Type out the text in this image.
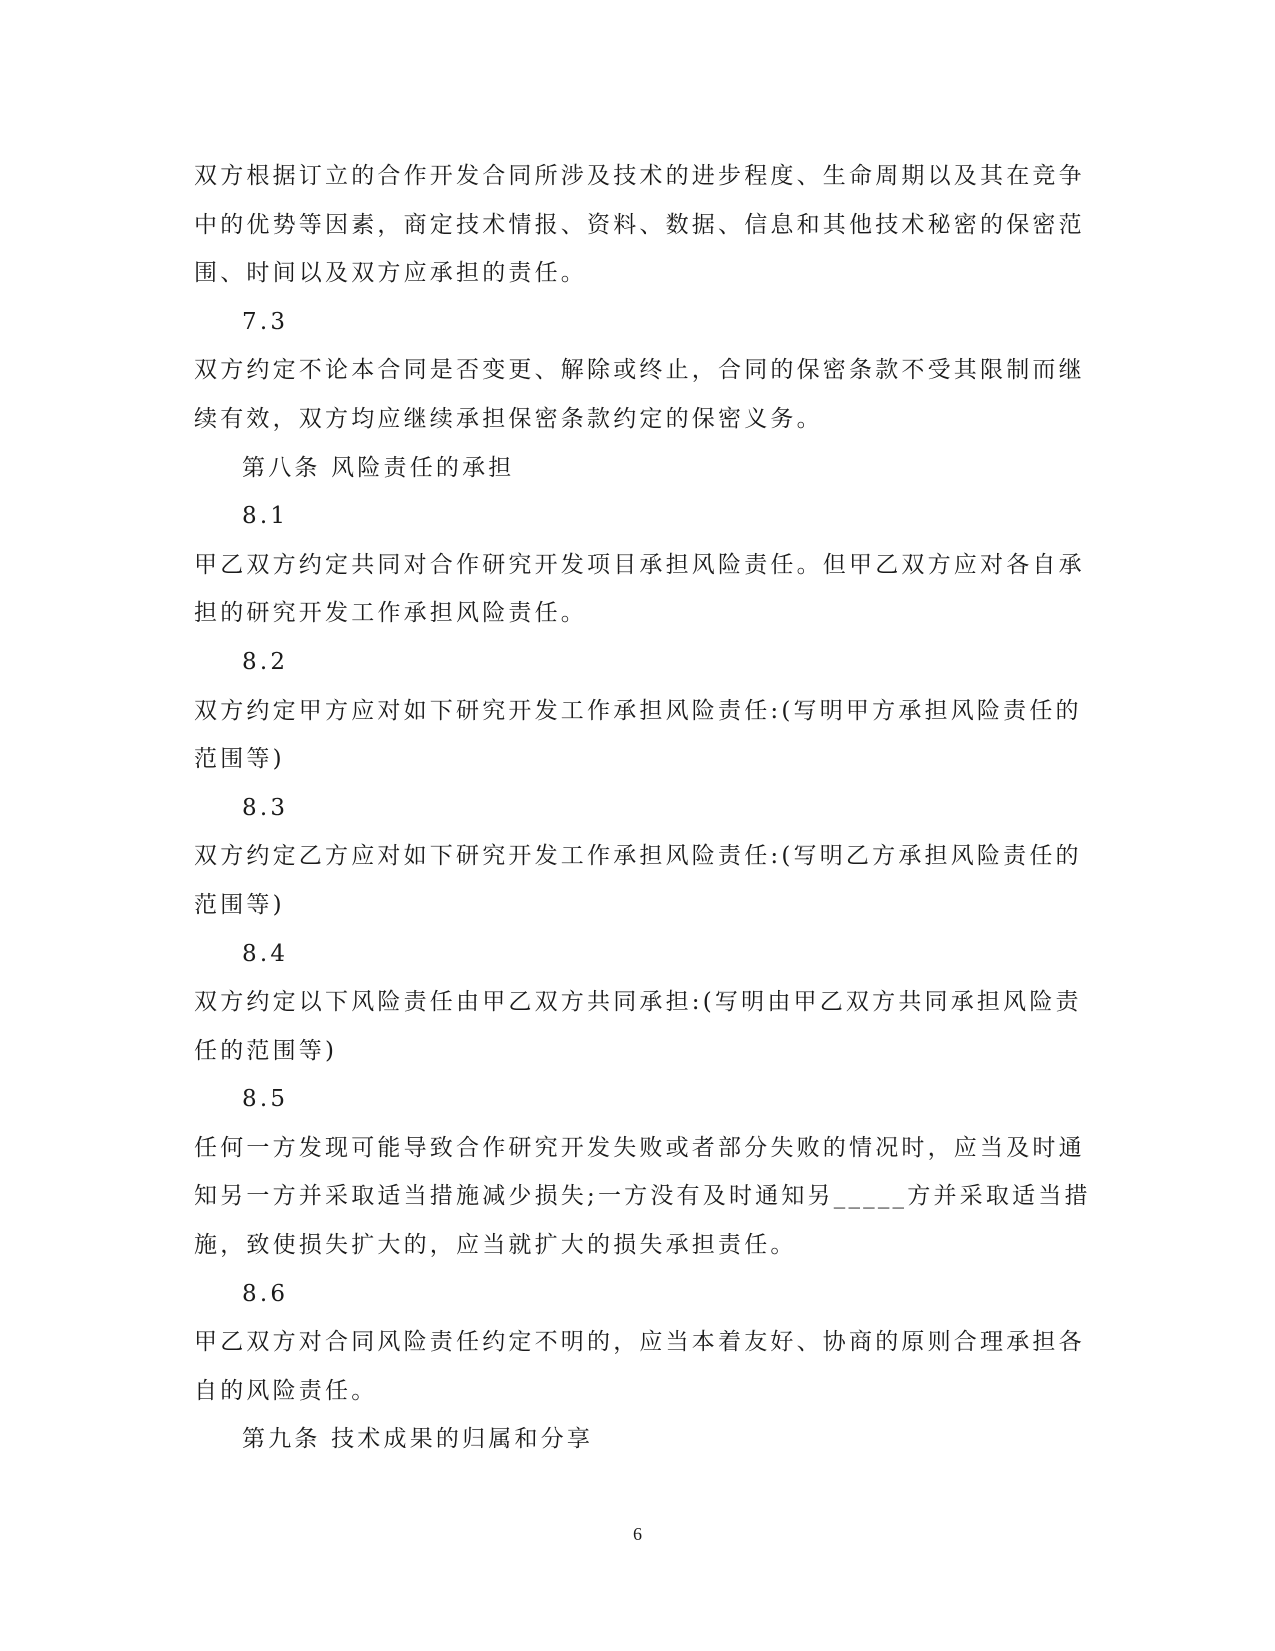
双方根据订立的合作开发合同所涉及技术的进步程度、生命周期以及其在竞争中的优势等因素，商定技术情报、资料、数据、信息和其他技术秘密的保密范围、时间以及双方应承担的责任。

7.3

双方约定不论本合同是否变更、解除或终止，合同的保密条款不受其限制而继续有效，双方均应继续承担保密条款约定的保密义务。

第八条 风险责任的承担

8.1

甲乙双方约定共同对合作研究开发项目承担风险责任。但甲乙双方应对各自承担的研究开发工作承担风险责任。

8.2

双方约定甲方应对如下研究开发工作承担风险责任:(写明甲方承担风险责任的范围等)

8.3

双方约定乙方应对如下研究开发工作承担风险责任:(写明乙方承担风险责任的范围等)

8.4

双方约定以下风险责任由甲乙双方共同承担:(写明由甲乙双方共同承担风险责任的范围等)

8.5

任何一方发现可能导致合作研究开发失败或者部分失败的情况时，应当及时通知另一方并采取适当措施减少损失;一方没有及时通知另_____方并采取适当措施，致使损失扩大的，应当就扩大的损失承担责任。

8.6

甲乙双方对合同风险责任约定不明的，应当本着友好、协商的原则合理承担各自的风险责任。

第九条 技术成果的归属和分享

6
